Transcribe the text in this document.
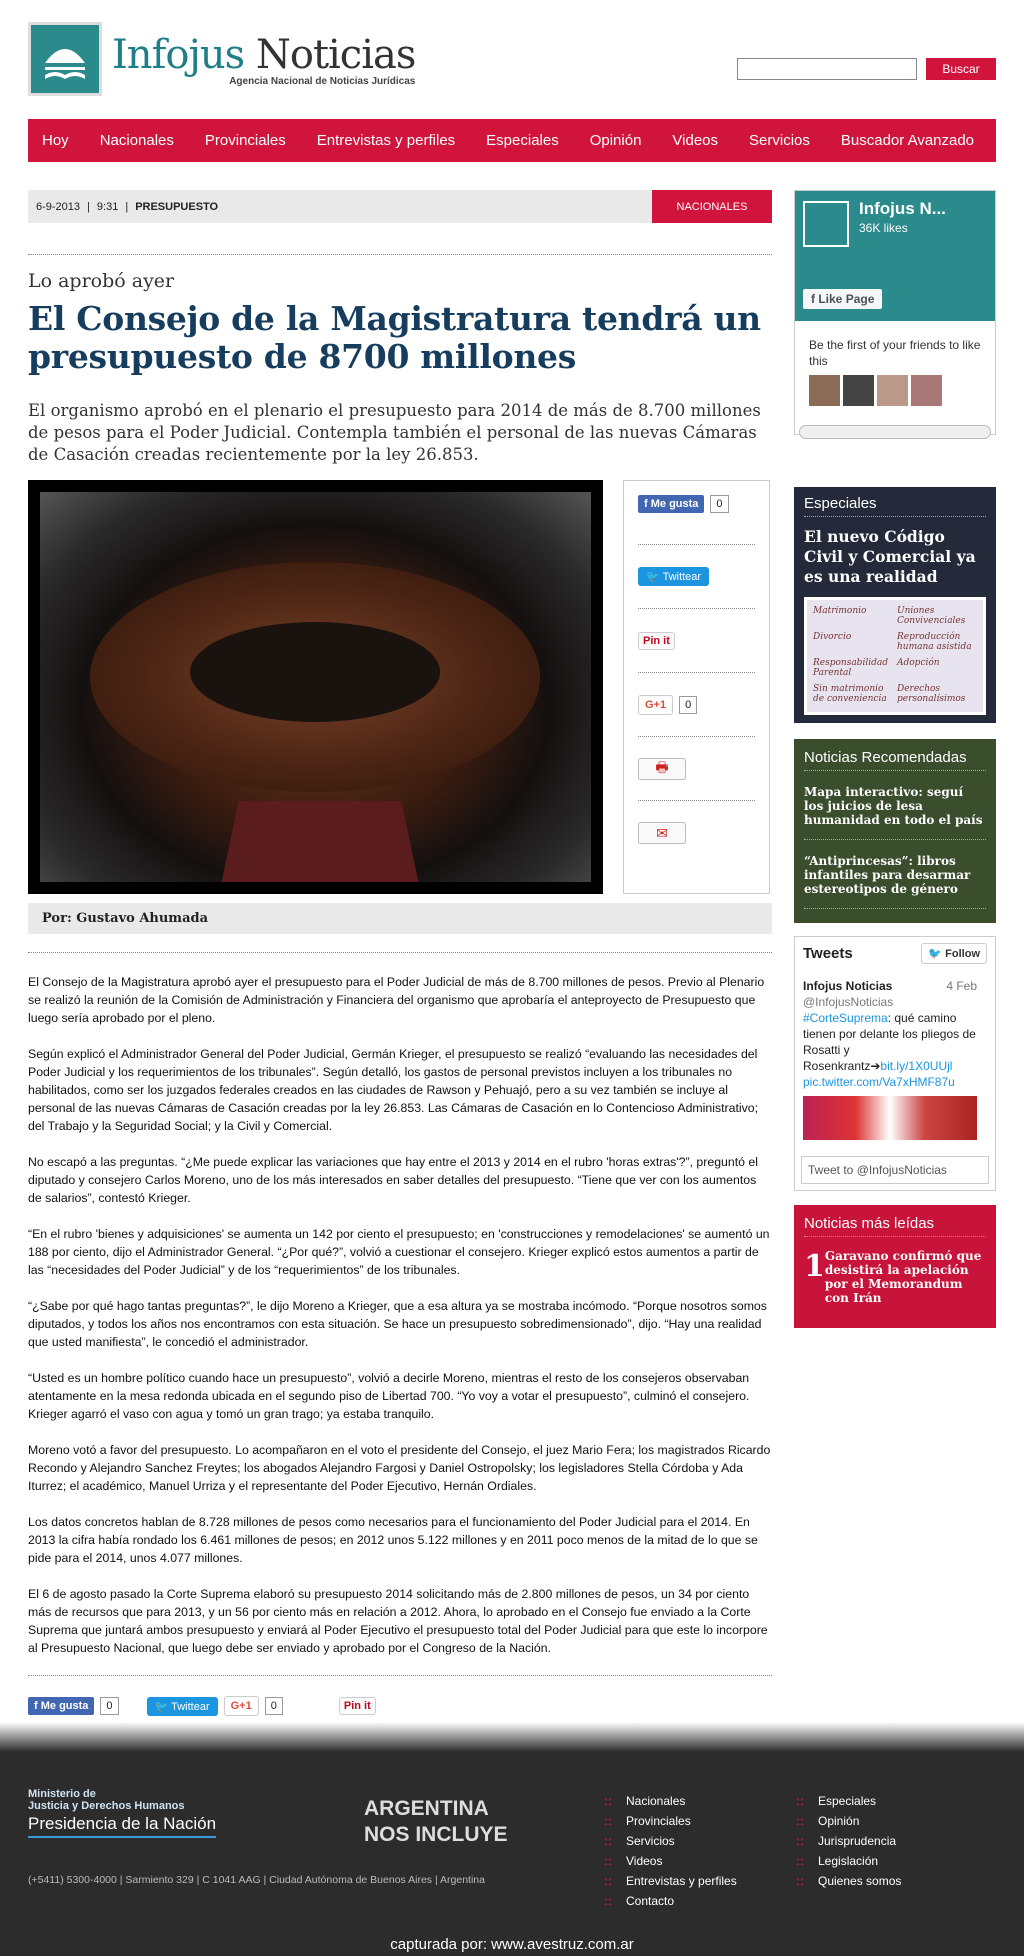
Infojus Noticias
Agencia Nacional de Noticias Jurídicas
Buscar
Hoy Nacionales Provinciales Entrevistas y perfiles Especiales Opinión Videos Servicios Buscador Avanzado
6-9-2013 | 9:31 | PRESUPUESTO	NACIONALES
Lo aprobó ayer
El Consejo de la Magistratura tendrá un presupuesto de 8700 millones
El organismo aprobó en el plenario el presupuesto para 2014 de más de 8.700 millones de pesos para el Poder Judicial. Contempla también el personal de las nuevas Cámaras de Casación creadas recientemente por la ley 26.853.
f Me gusta	0
🐦 Twittear
Pin it
G+1	0
🖶
✉
Por: Gustavo Ahumada

El Consejo de la Magistratura aprobó ayer el presupuesto para el Poder Judicial de más de 8.700 millones de pesos. Previo al Plenario se realizó la reunión de la Comisión de Administración y Financiera del organismo que aprobaría el anteproyecto de Presupuesto que luego sería aprobado por el pleno.

Según explicó el Administrador General del Poder Judicial, Germán Krieger, el presupuesto se realizó “evaluando las necesidades del Poder Judicial y los requerimientos de los tribunales”. Según detalló, los gastos de personal previstos incluyen a los tribunales no habilitados, como ser los juzgados federales creados en las ciudades de Rawson y Pehuajó, pero a su vez también se incluye al personal de las nuevas Cámaras de Casación creadas por la ley 26.853. Las Cámaras de Casación en lo Contencioso Administrativo; del Trabajo y la Seguridad Social; y la Civil y Comercial.

No escapó a las preguntas. “¿Me puede explicar las variaciones que hay entre el 2013 y 2014 en el rubro 'horas extras'?”, preguntó el diputado y consejero Carlos Moreno, uno de los más interesados en saber detalles del presupuesto. “Tiene que ver con los aumentos de salarios”, contestó Krieger.

“En el rubro 'bienes y adquisiciones' se aumenta un 142 por ciento el presupuesto; en 'construcciones y remodelaciones' se aumentó un 188 por ciento, dijo el Administrador General. “¿Por qué?”, volvió a cuestionar el consejero. Krieger explicó estos aumentos a partir de las “necesidades del Poder Judicial” y de los “requerimientos” de los tribunales.

“¿Sabe por qué hago tantas preguntas?”, le dijo Moreno a Krieger, que a esa altura ya se mostraba incómodo. “Porque nosotros somos diputados, y todos los años nos encontramos con esta situación. Se hace un presupuesto sobredimensionado”, dijo. “Hay una realidad que usted manifiesta”, le concedió el administrador.

“Usted es un hombre político cuando hace un presupuesto”, volvió a decirle Moreno, mientras el resto de los consejeros observaban atentamente en la mesa redonda ubicada en el segundo piso de Libertad 700. “Yo voy a votar el presupuesto”, culminó el consejero. Krieger agarró el vaso con agua y tomó un gran trago; ya estaba tranquilo.

Moreno votó a favor del presupuesto. Lo acompañaron en el voto el presidente del Consejo, el juez Mario Fera; los magistrados Ricardo Recondo y Alejandro Sanchez Freytes; los abogados Alejandro Fargosi y Daniel Ostropolsky; los legisladores Stella Córdoba y Ada Iturrez; el académico, Manuel Urriza y el representante del Poder Ejecutivo, Hernán Ordiales.

Los datos concretos hablan de 8.728 millones de pesos como necesarios para el funcionamiento del Poder Judicial para el 2014. En 2013 la cifra había rondado los 6.461 millones de pesos; en 2012 unos 5.122 millones y en 2011 poco menos de la mitad de lo que se pide para el 2014, unos 4.077 millones.

El 6 de agosto pasado la Corte Suprema elaboró su presupuesto 2014 solicitando más de 2.800 millones de pesos, un 34 por ciento más de recursos que para 2013, y un 56 por ciento más en relación a 2012. Ahora, lo aprobado en el Consejo fue enviado a la Corte Suprema que juntará ambos presupuesto y enviará al Poder Ejecutivo el presupuesto total del Poder Judicial para que este lo incorpore al Presupuesto Nacional, que luego debe ser enviado y aprobado por el Congreso de la Nación.

f Me gusta	0	🐦 Twittear	G+1	0	Pin it
Infojus N...
36K likes
f Like Page
Be the first of your friends to like this
Especiales
El nuevo Código Civil y Comercial ya es una realidad
Matrimonio	Uniones Convivenciales
Divorcio	Reproducción humana asistida
Responsabilidad Parental
Adopción
Sin matrimonio de conveniencia
Derechos personalísimos
Noticias Recomendadas
Mapa interactivo: seguí los juicios de lesa humanidad en todo el país
“Antiprincesas”: libros infantiles para desarmar estereotipos de género
Tweets	🐦 Follow
Infojus Noticias	4 Feb
@InfojusNoticias
#CorteSuprema: qué camino tienen por delante los pliegos de Rosatti y Rosenkrantz➔bit.ly/1X0UUjl pic.twitter.com/Va7xHMF87u
Tweet to @InfojusNoticias
Noticias más leídas
1 Garavano confirmó que desistirá la apelación por el Memorandum con Irán
Ministerio de
Justicia y Derechos Humanos
Presidencia de la Nación
ARGENTINA
NOS INCLUYE
(+5411) 5300-4000 | Sarmiento 329 | C 1041 AAG | Ciudad Autónoma de Buenos Aires | Argentina
:: Nacionales
:: Provinciales
:: Servicios
:: Videos
:: Entrevistas y perfiles
:: Contacto
:: Especiales
:: Opinión
:: Jurisprudencia
:: Legislación
:: Quienes somos
capturada por: www.avestruz.com.ar
